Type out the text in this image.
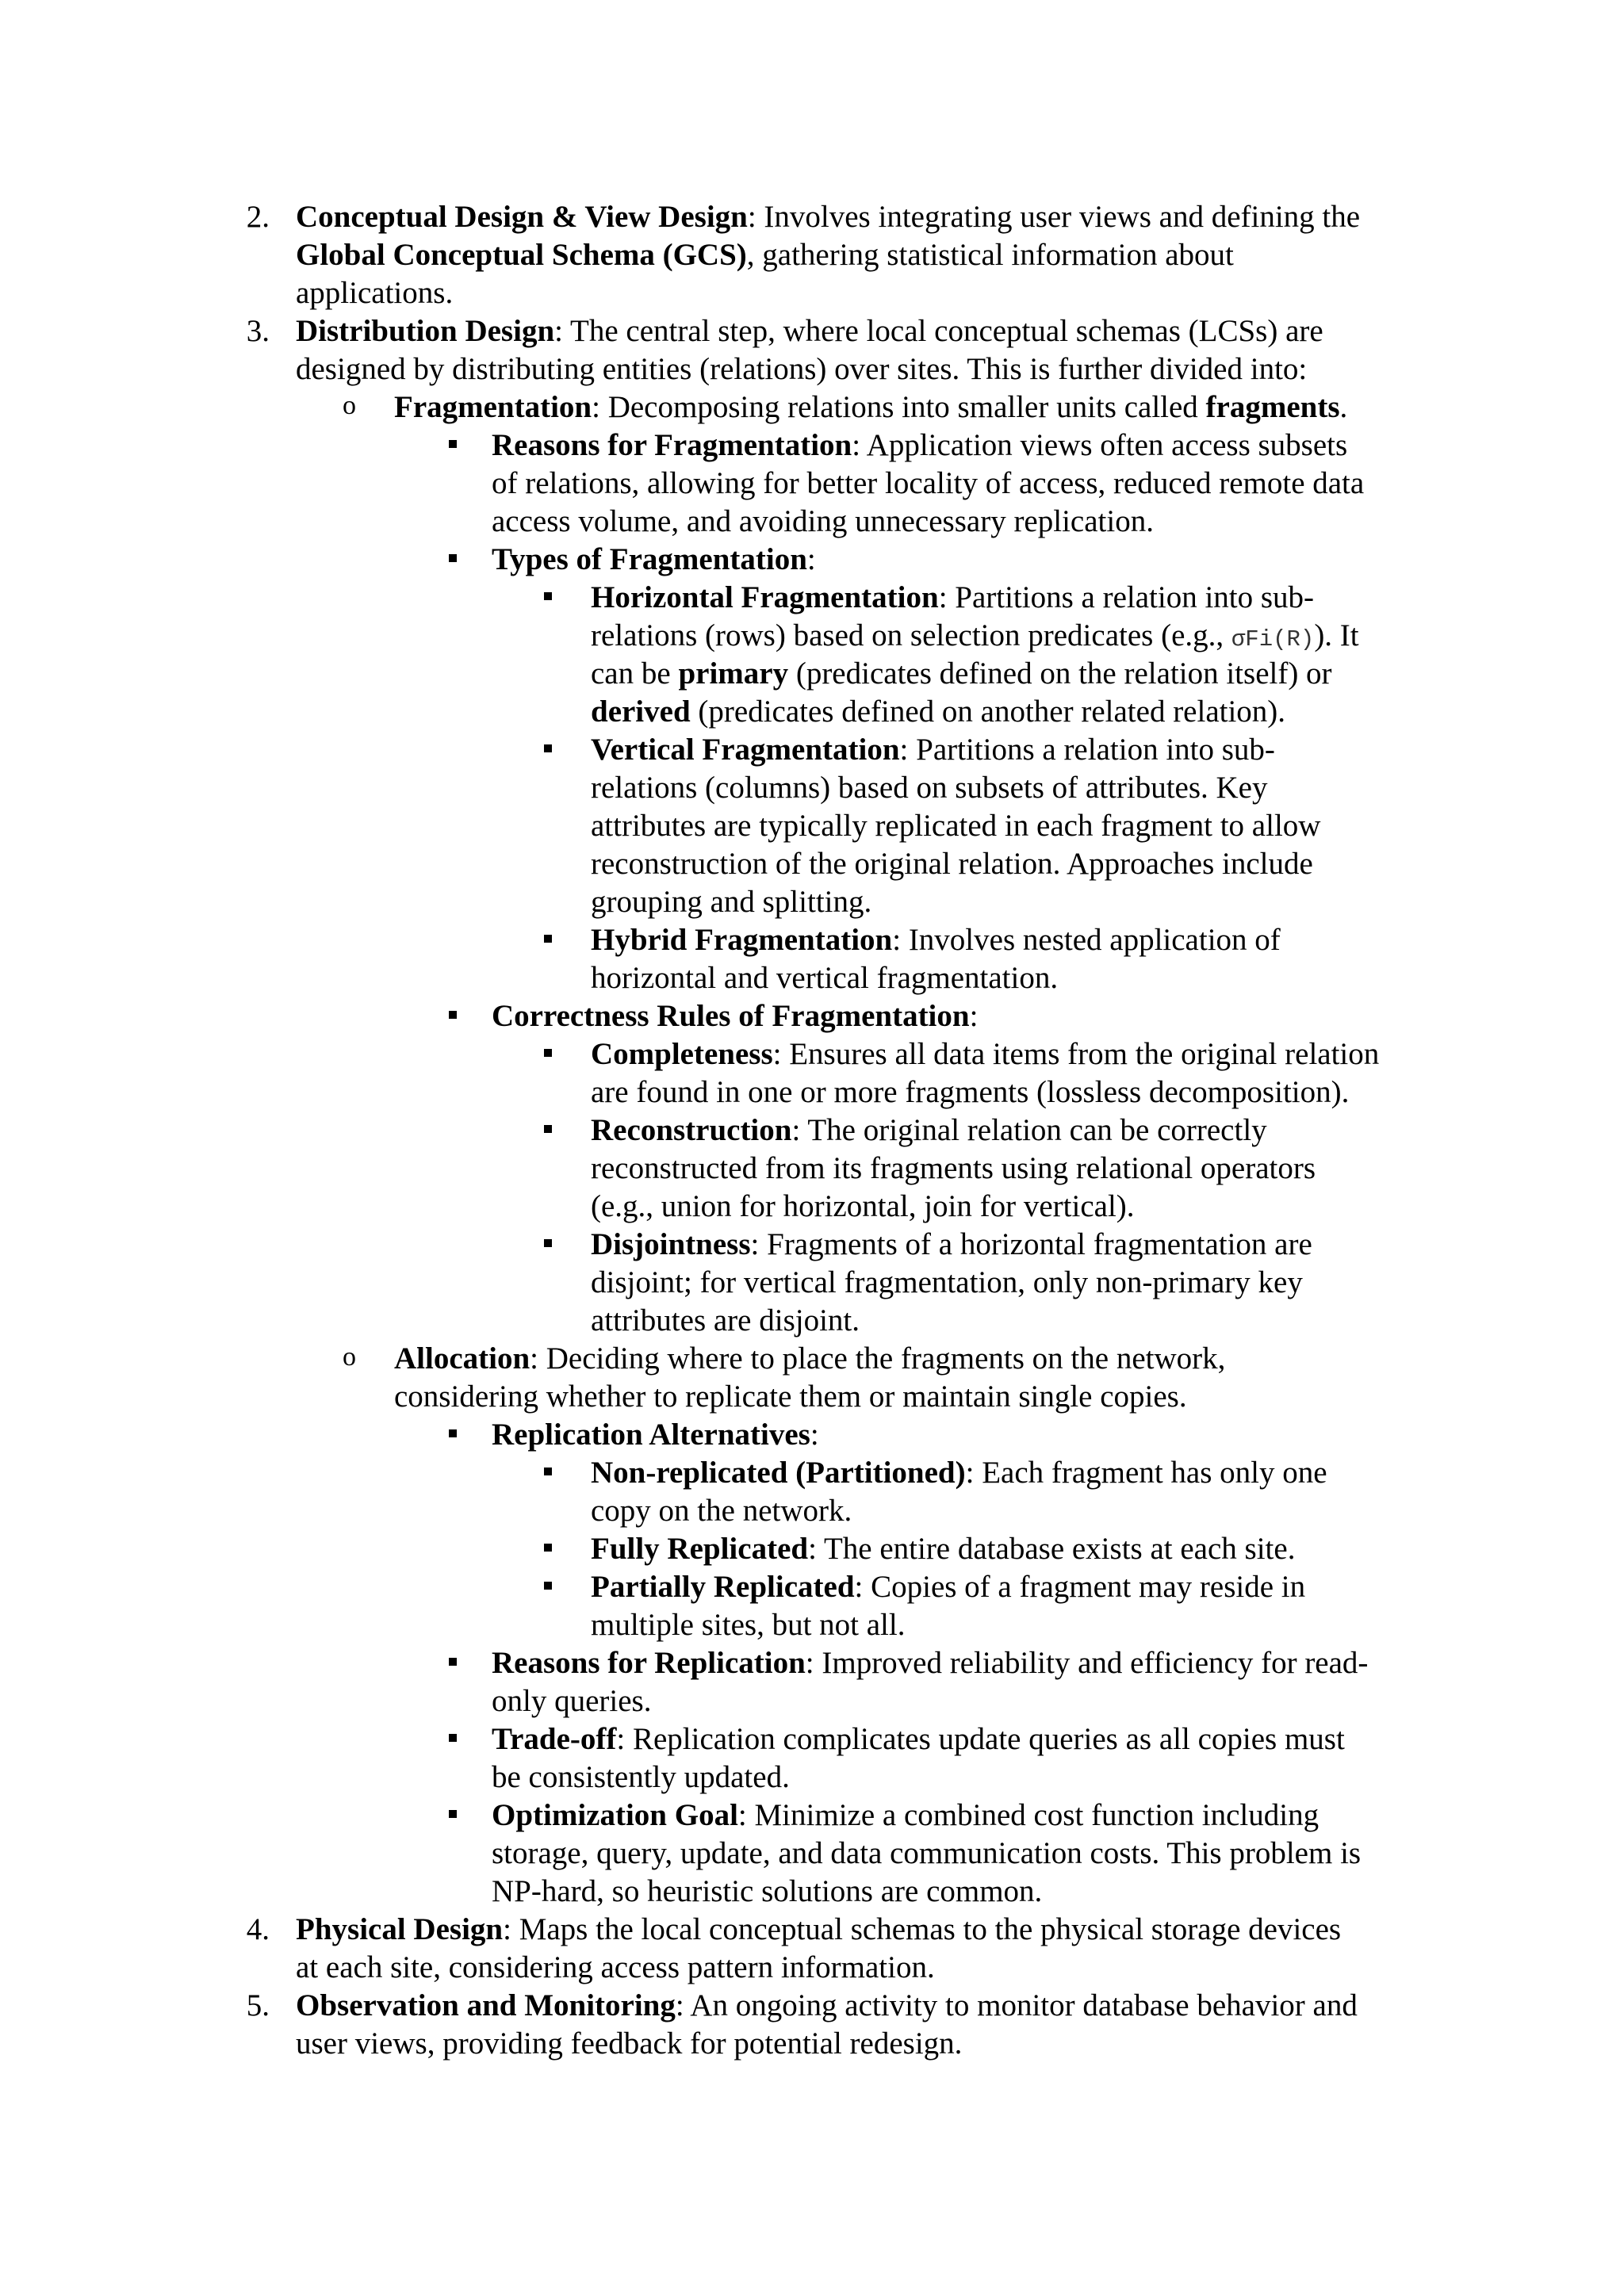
2. Conceptual Design & View Design: Involves integrating user views and defining the
Global Conceptual Schema (GCS), gathering statistical information about
applications.
3. Distribution Design: The central step, where local conceptual schemas (LCSs) are
designed by distributing entities (relations) over sites. This is further divided into:
o Fragmentation: Decomposing relations into smaller units called fragments.
Reasons for Fragmentation: Application views often access subsets
of relations, allowing for better locality of access, reduced remote data
access volume, and avoiding unnecessary replication.
Types of Fragmentation:
Horizontal Fragmentation: Partitions a relation into sub-
relations (rows) based on selection predicates (e.g., σFi(R)). It
can be primary (predicates defined on the relation itself) or
derived (predicates defined on another related relation).
Vertical Fragmentation: Partitions a relation into sub-
relations (columns) based on subsets of attributes. Key
attributes are typically replicated in each fragment to allow
reconstruction of the original relation. Approaches include
grouping and splitting.
Hybrid Fragmentation: Involves nested application of
horizontal and vertical fragmentation.
Correctness Rules of Fragmentation:
Completeness: Ensures all data items from the original relation
are found in one or more fragments (lossless decomposition).
Reconstruction: The original relation can be correctly
reconstructed from its fragments using relational operators
(e.g., union for horizontal, join for vertical).
Disjointness: Fragments of a horizontal fragmentation are
disjoint; for vertical fragmentation, only non-primary key
attributes are disjoint.
o Allocation: Deciding where to place the fragments on the network,
considering whether to replicate them or maintain single copies.
Replication Alternatives:
Non-replicated (Partitioned): Each fragment has only one
copy on the network.
Fully Replicated: The entire database exists at each site.
Partially Replicated: Copies of a fragment may reside in
multiple sites, but not all.
Reasons for Replication: Improved reliability and efficiency for read-
only queries.
Trade-off: Replication complicates update queries as all copies must
be consistently updated.
Optimization Goal: Minimize a combined cost function including
storage, query, update, and data communication costs. This problem is
NP-hard, so heuristic solutions are common.
4. Physical Design: Maps the local conceptual schemas to the physical storage devices
at each site, considering access pattern information.
5. Observation and Monitoring: An ongoing activity to monitor database behavior and
user views, providing feedback for potential redesign.
